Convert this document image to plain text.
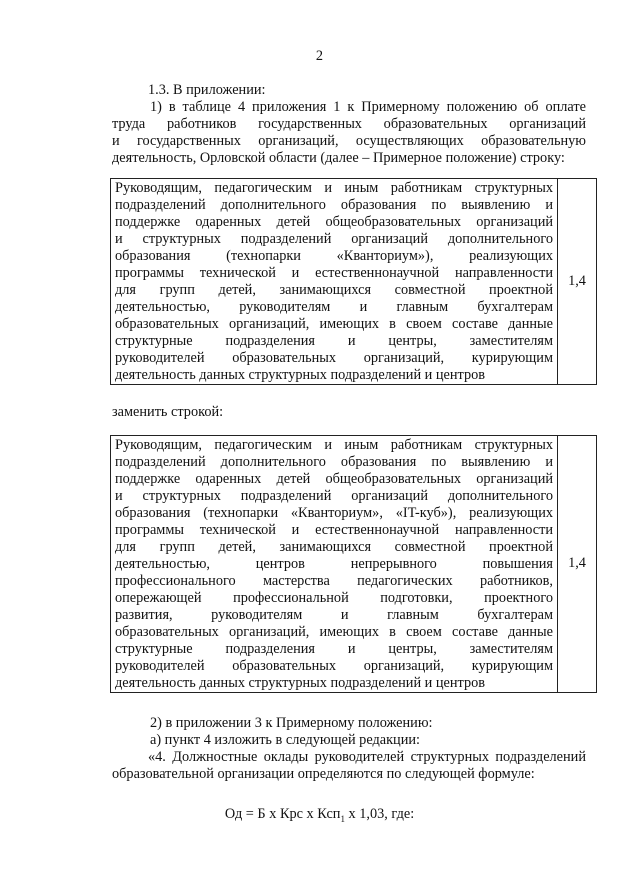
2

1.3. В приложении:

1) в таблице 4 приложения 1 к Примерному положению об оплате

труда работников государственных образовательных организаций

и государственных организаций, осуществляющих образовательную

деятельность, Орловской области (далее – Примерное положение) строку:

Руководящим, педагогическим и иным работникам структурных
подразделений дополнительного образования по выявлению и
поддержке одаренных детей общеобразовательных организаций
и структурных подразделений организаций дополнительного
образования (технопарки «Кванториум»), реализующих
программы технической и естественнонаучной направленности
для групп детей, занимающихся совместной проектной
деятельностью, руководителям и главным бухгалтерам
образовательных организаций, имеющих в своем составе данные
структурные подразделения и центры, заместителям
руководителей образовательных организаций, курирующим
деятельность данных структурных подразделений и центров
	1,4

заменить строкой:

Руководящим, педагогическим и иным работникам структурных
подразделений дополнительного образования по выявлению и
поддержке одаренных детей общеобразовательных организаций
и структурных подразделений организаций дополнительного
образования (технопарки «Кванториум», «IT-куб»), реализующих
программы технической и естественнонаучной направленности
для групп детей, занимающихся совместной проектной
деятельностью, центров непрерывного повышения
профессионального мастерства педагогических работников,
опережающей профессиональной подготовки, проектного
развития, руководителям и главным бухгалтерам
образовательных организаций, имеющих в своем составе данные
структурные подразделения и центры, заместителям
руководителей образовательных организаций, курирующим
деятельность данных структурных подразделений и центров
	1,4

2) в приложении 3 к Примерному положению:

а) пункт 4 изложить в следующей редакции:

«4. Должностные оклады руководителей структурных подразделений

образовательной организации определяются по следующей формуле:

Од = Б х Крс х Ксп$_1$ х 1,03, где:
